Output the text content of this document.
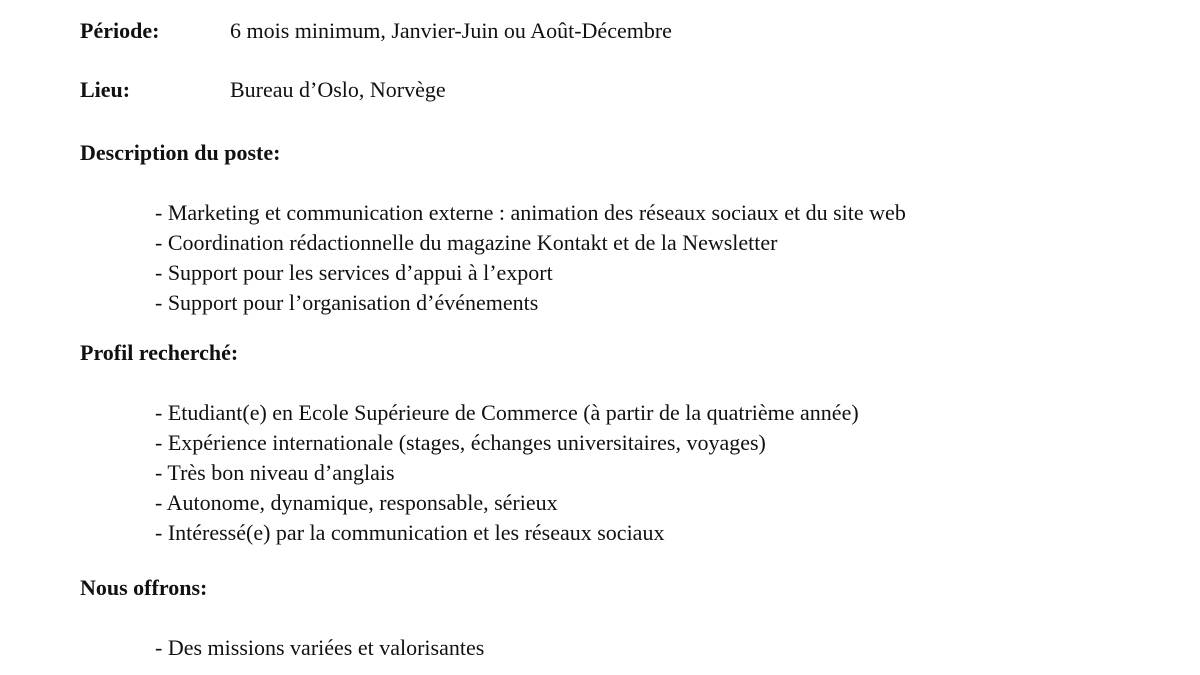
Période:	6 mois minimum, Janvier-Juin ou Août-Décembre
Lieu:	Bureau d’Oslo, Norvège
Description du poste:
- Marketing et communication externe : animation des réseaux sociaux et du site web
- Coordination rédactionnelle du magazine Kontakt et de la Newsletter
- Support pour les services d’appui à l’export
- Support pour l’organisation d’événements
Profil recherché:
- Etudiant(e) en Ecole Supérieure de Commerce (à partir de la quatrième année)
- Expérience internationale (stages, échanges universitaires, voyages)
- Très bon niveau d’anglais
- Autonome, dynamique, responsable, sérieux
- Intéressé(e) par la communication et les réseaux sociaux
Nous offrons:
- Des missions variées et valorisantes
